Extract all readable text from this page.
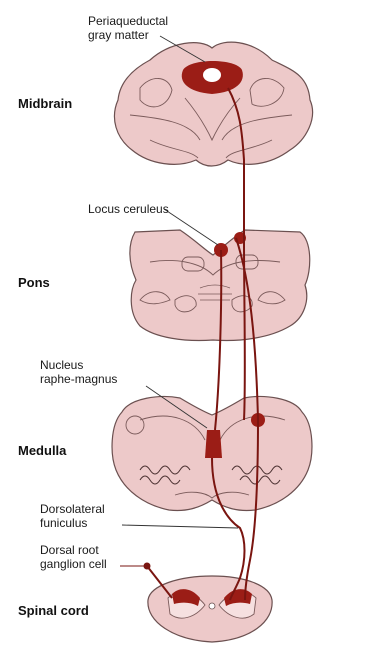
Periaqueductal
gray matter
Locus ceruleus
Nucleus
raphe-magnus
Dorsolateral
funiculus
Dorsal root
ganglion cell
Midbrain
Pons
Medulla
Spinal cord
